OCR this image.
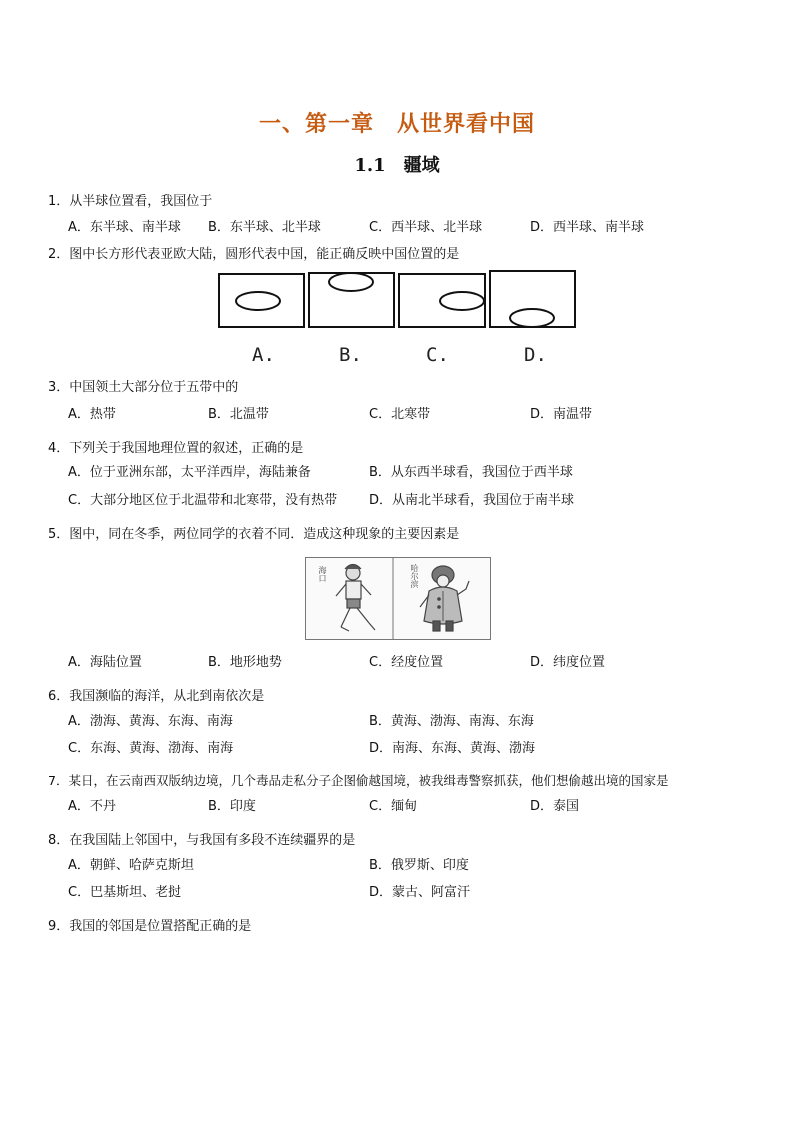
一、第一章　从世界看中国
1.1　疆域
1．从半球位置看，我国位于
A．东半球、南半球 B．东半球、北半球	C．西半球、北半球	D．西半球、南半球
2．图中长方形代表亚欧大陆，圆形代表中国，能正确反映中国位置的是
A.	B.	C.	D.
3．中国领土大部分位于五带中的
A．热带	B．北温带	C．北寒带	D．南温带
4．下列关于我国地理位置的叙述，正确的是
A．位于亚洲东部，太平洋西岸，海陆兼备	B．从东西半球看，我国位于西半球
C．大部分地区位于北温带和北寒带，没有热带 D．从南北半球看，我国位于南半球
5．图中，同在冬季，两位同学的衣着不同．造成这种现象的主要因素是
海口	哈尔滨
A．海陆位置	B．地形地势	C．经度位置	D．纬度位置
6．我国濒临的海洋，从北到南依次是
A．渤海、黄海、东海、南海	B．黄海、渤海、南海、东海
C．东海、黄海、渤海、南海	D．南海、东海、黄海、渤海
7．某日，在云南西双版纳边境，几个毒品走私分子企图偷越国境，被我缉毒警察抓获，他们想偷越出境的国家是
A．不丹	B．印度	C．缅甸	D．泰国
8．在我国陆上邻国中，与我国有多段不连续疆界的是
A．朝鲜、哈萨克斯坦	B．俄罗斯、印度
C．巴基斯坦、老挝	D．蒙古、阿富汗
9．我国的邻国是位置搭配正确的是
